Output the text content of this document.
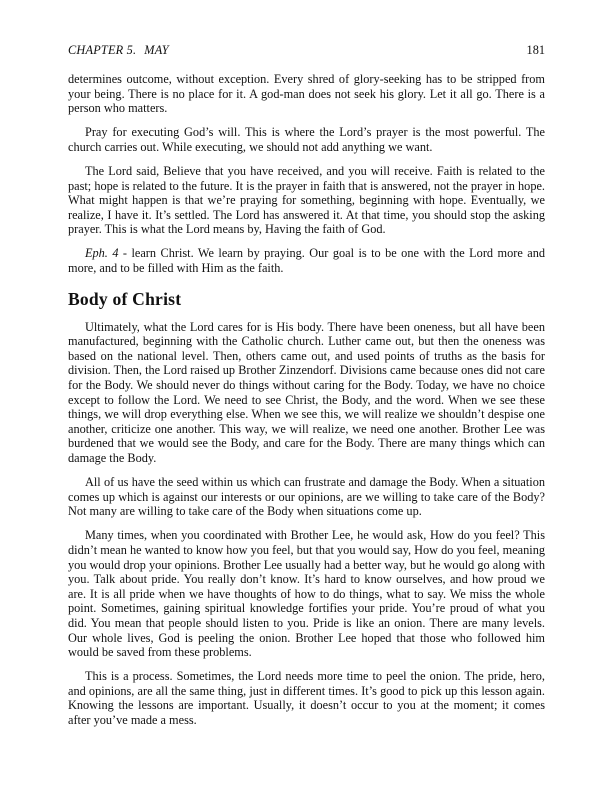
CHAPTER 5. MAY	181

determines outcome, without exception. Every shred of glory-seeking has to be stripped from your being. There is no place for it. A god-man does not seek his glory. Let it all go. There is a person who matters.

Pray for executing God’s will. This is where the Lord’s prayer is the most powerful. The church carries out. While executing, we should not add anything we want.

The Lord said, Believe that you have received, and you will receive. Faith is related to the past; hope is related to the future. It is the prayer in faith that is answered, not the prayer in hope. What might happen is that we’re praying for something, beginning with hope. Eventually, we realize, I have it. It’s settled. The Lord has answered it. At that time, you should stop the asking prayer. This is what the Lord means by, Having the faith of God.

Eph. 4 - learn Christ. We learn by praying. Our goal is to be one with the Lord more and more, and to be filled with Him as the faith.

Body of Christ

Ultimately, what the Lord cares for is His body. There have been oneness, but all have been manufactured, beginning with the Catholic church. Luther came out, but then the oneness was based on the national level. Then, others came out, and used points of truths as the basis for division. Then, the Lord raised up Brother Zinzendorf. Divisions came because ones did not care for the Body. We should never do things without caring for the Body. Today, we have no choice except to follow the Lord. We need to see Christ, the Body, and the word. When we see these things, we will drop everything else. When we see this, we will realize we shouldn’t despise one another, criticize one another. This way, we will realize, we need one another. Brother Lee was burdened that we would see the Body, and care for the Body. There are many things which can damage the Body.

All of us have the seed within us which can frustrate and damage the Body. When a situation comes up which is against our interests or our opinions, are we willing to take care of the Body? Not many are willing to take care of the Body when situations come up.

Many times, when you coordinated with Brother Lee, he would ask, How do you feel? This didn’t mean he wanted to know how you feel, but that you would say, How do you feel, meaning you would drop your opinions. Brother Lee usually had a better way, but he would go along with you. Talk about pride. You really don’t know. It’s hard to know ourselves, and how proud we are. It is all pride when we have thoughts of how to do things, what to say. We miss the whole point. Sometimes, gaining spiritual knowledge fortifies your pride. You’re proud of what you did. You mean that people should listen to you. Pride is like an onion. There are many levels. Our whole lives, God is peeling the onion. Brother Lee hoped that those who followed him would be saved from these problems.

This is a process. Sometimes, the Lord needs more time to peel the onion. The pride, hero, and opinions, are all the same thing, just in different times. It’s good to pick up this lesson again. Knowing the lessons are important. Usually, it doesn’t occur to you at the moment; it comes after you’ve made a mess.
